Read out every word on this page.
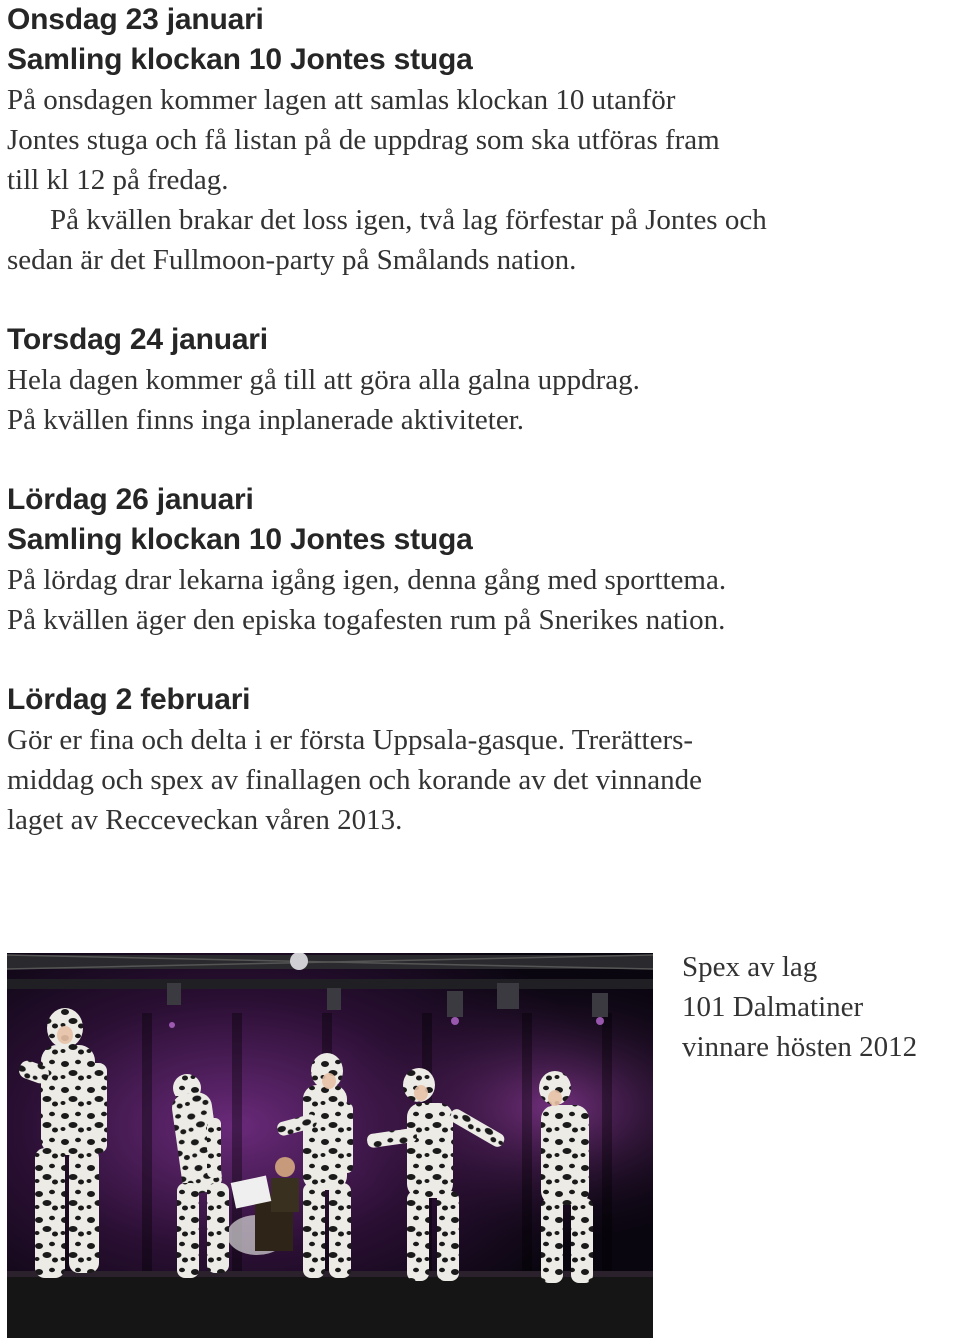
Onsdag 23 januari
Samling klockan 10 Jontes stuga

På onsdagen kommer lagen att samlas klockan 10 utanför

Jontes stuga och få listan på de uppdrag som ska utföras fram

till kl 12 på fredag.

På kvällen brakar det loss igen, två lag förfestar på Jontes och

sedan är det Fullmoon-party på Smålands nation.

Torsdag 24 januari

Hela dagen kommer gå till att göra alla galna uppdrag.

På kvällen finns inga inplanerade aktiviteter.

Lördag 26 januari
Samling klockan 10 Jontes stuga

På lördag drar lekarna igång igen, denna gång med sporttema.

På kvällen äger den episka togafesten rum på Snerikes nation.

Lördag 2 februari

Gör er fina och delta i er första Uppsala-gasque. Trerätters-

middag och spex av finallagen och korande av det vinnande

laget av Recceveckan våren 2013.

Spex av lag
101 Dalmatiner
vinnare hösten 2012
